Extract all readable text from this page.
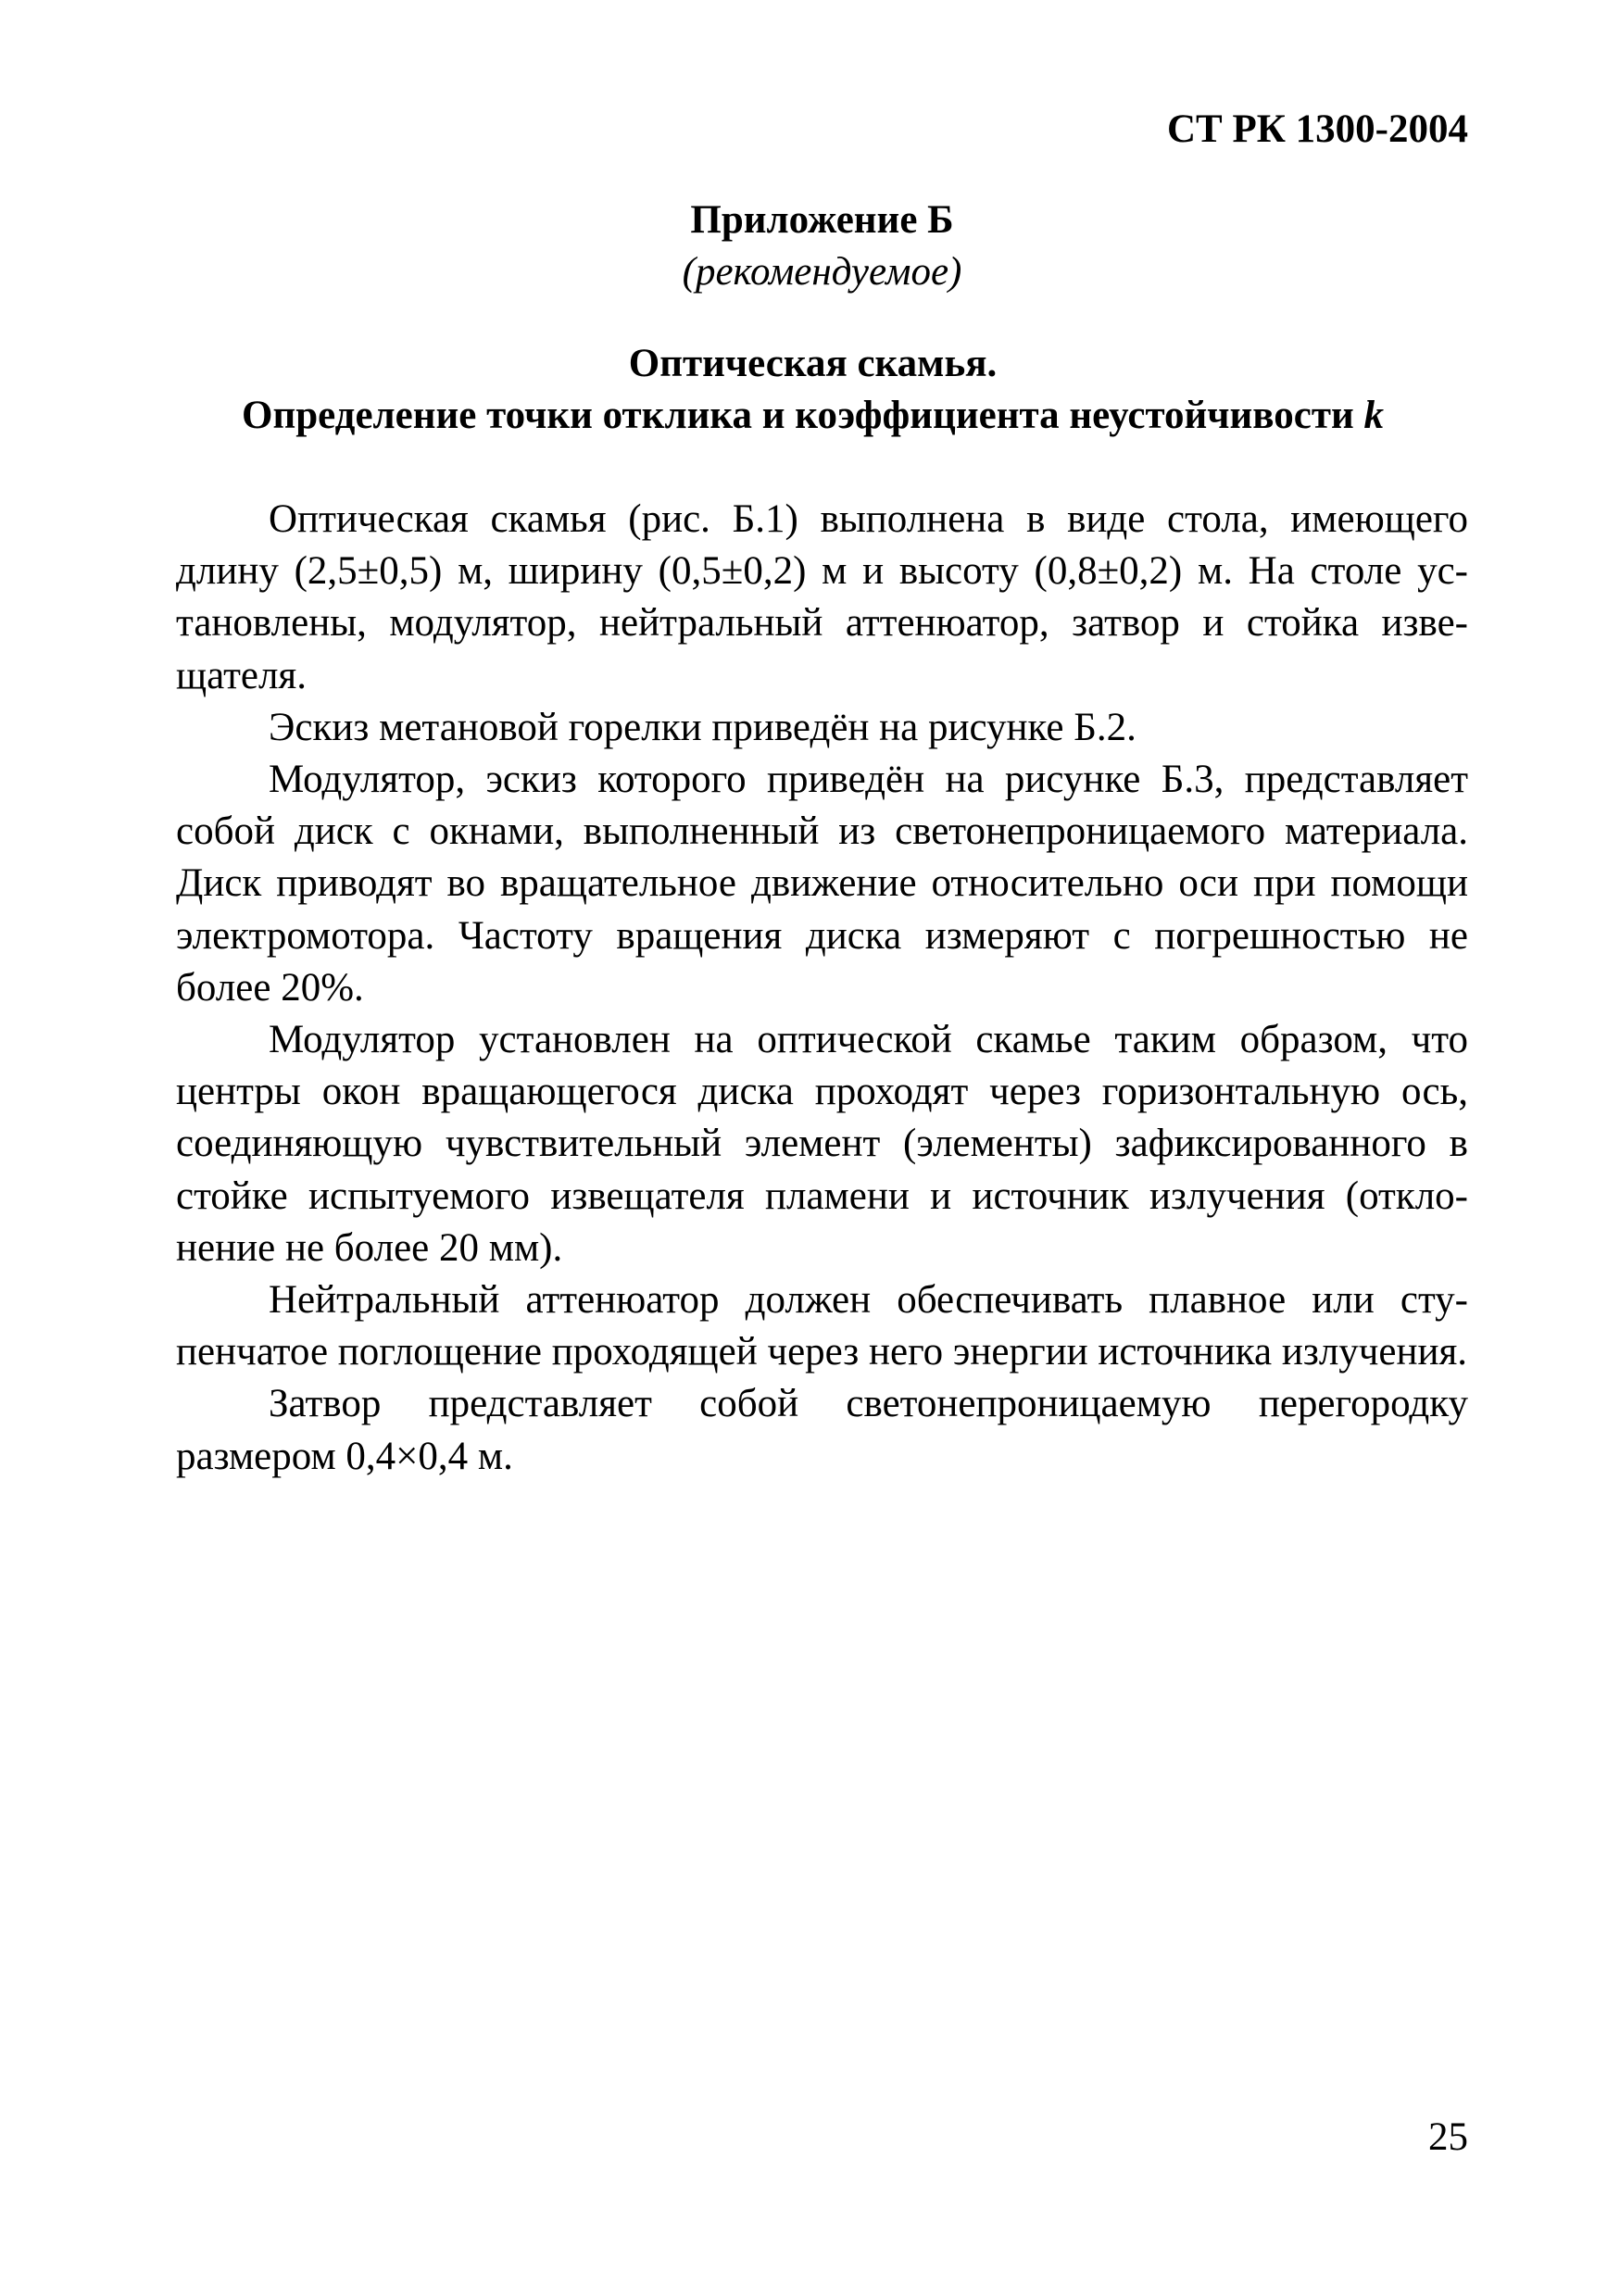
СТ РК 1300-2004

Приложение Б

(рекомендуемое)

Оптическая скамья.

Определение точки отклика и коэффициента неустойчивости k

Оптическая скамья (рис. Б.1) выполнена в виде стола, имеющего длину (2,5±0,5) м, ширину (0,5±0,2) м и высоту (0,8±0,2) м. На столе установлены, модулятор, нейтральный аттенюатор, затвор и стойка извещателя.

Эскиз метановой горелки приведён на рисунке Б.2.

Модулятор, эскиз которого приведён на рисунке Б.3, представляет собой диск с окнами, выполненный из светонепроницаемого материала. Диск приводят во вращательное движение относительно оси при помощи электромотора. Частоту вращения диска измеряют с погрешностью не более 20%.

Модулятор установлен на оптической скамье таким образом, что центры окон вращающегося диска проходят через горизонтальную ось, соединяющую чувствительный элемент (элементы) зафиксированного в стойке испытуемого извещателя пламени и источник излучения (отклонение не более 20 мм).

Нейтральный аттенюатор должен обеспечивать плавное или ступенчатое поглощение проходящей через него энергии источника излучения.

Затвор представляет собой светонепроницаемую перегородку размером 0,4×0,4 м.

25
